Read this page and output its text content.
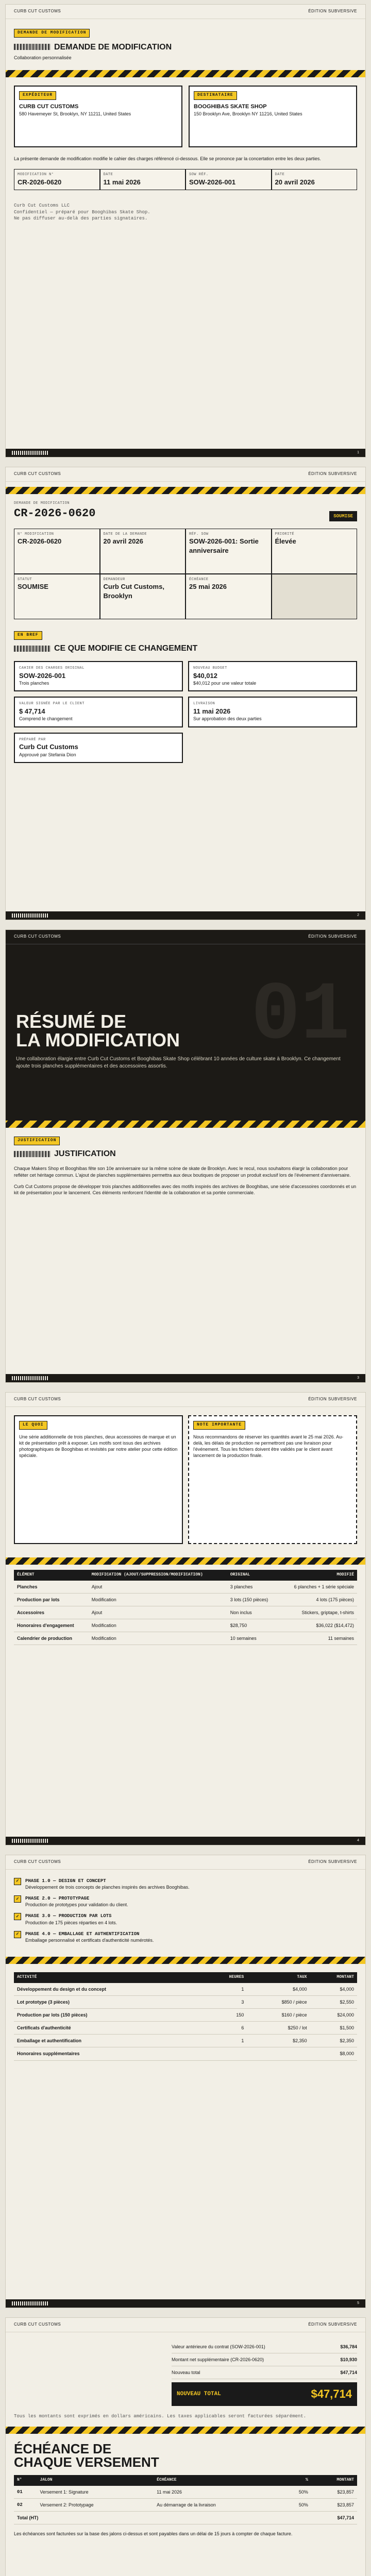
CURB CUT CUSTOMS	ÉDITION SUBVERSIVE
DEMANDE DE MODIFICATION
DEMANDE DE MODIFICATION
Collaboration personnalisée
EXPÉDITEUR
CURB CUT CUSTOMS
580 Havemeyer St, Brooklyn, NY 11211, United States
DESTINATAIRE
BOOGHIBAS SKATE SHOP
150 Brooklyn Ave, Brooklyn NY 11216, United States
La présente demande de modification modifie le cahier des charges référencé ci-dessous. Elle se prononce par la concertation entre les deux parties.
MODIFICATION N°
CR-2026-0620
DATE
11 mai 2026
SOW RÉF.
SOW-2026-001
DATE
20 avril 2026
Curb Cut Customs LLC
Confidentiel — préparé pour Booghibas Skate Shop.
Ne pas diffuser au-delà des parties signataires.
1
CURB CUT CUSTOMS	ÉDITION SUBVERSIVE
DEMANDE DE MODIFICATION
CR-2026-0620	SOUMISE
N° MODIFICATION
CR-2026-0620
DATE DE LA DEMANDE
20 avril 2026
RÉF. SOW
SOW-2026-001: Sortie anniversaire
PRIORITÉ
Élevée
STATUT
SOUMISE
DEMANDEUR
Curb Cut Customs, Brooklyn
ÉCHÉANCE
25 mai 2026
EN BREF
CE QUE MODIFIE CE CHANGEMENT
CAHIER DES CHARGES ORIGINAL
SOW-2026-001
Trois planches
NOUVEAU BUDGET
$40,012
$40,012 pour une valeur totale
VALEUR SIGNÉE PAR LE CLIENT
$ 47,714
Comprend le changement
LIVRAISON
11 mai 2026
Sur approbation des deux parties
PRÉPARÉ PAR
Curb Cut Customs
Approuvé par Stefania Dion
2
CURB CUT CUSTOMS	ÉDITION SUBVERSIVE
01
RÉSUMÉ DE
LA MODIFICATION
Une collaboration élargie entre Curb Cut Customs et Booghibas Skate Shop célébrant 10 années de culture skate à Brooklyn. Ce changement ajoute trois planches supplémentaires et des accessoires assortis.
JUSTIFICATION
JUSTIFICATION
Chaque Makers Shop et Booghibas fête son 10e anniversaire sur la même scène de skate de Brooklyn. Avec le recul, nous souhaitons élargir la collaboration pour refléter cet héritage commun. L'ajout de planches supplémentaires permettra aux deux boutiques de proposer un produit exclusif lors de l'événement d'anniversaire.
Curb Cut Customs propose de développer trois planches additionnelles avec des motifs inspirés des archives de Booghibas, une série d'accessoires coordonnés et un kit de présentation pour le lancement. Ces éléments renforcent l'identité de la collaboration et sa portée commerciale.
3
CURB CUT CUSTOMS	ÉDITION SUBVERSIVE
LE QUOI
Une série additionnelle de trois planches, deux accessoires de marque et un kit de présentation prêt à exposer. Les motifs sont issus des archives photographiques de Booghibas et revisités par notre atelier pour cette édition spéciale.
NOTE IMPORTANTE
Nous recommandons de réserver les quantités avant le 25 mai 2026. Au-delà, les délais de production ne permettront pas une livraison pour l'événement. Tous les fichiers doivent être validés par le client avant lancement de la production finale.
ÉLÉMENT	MODIFICATION (AJOUT/SUPPRESSION/MODIFICATION)	ORIGINAL	MODIFIÉ
Planches	Ajout	3 planches	6 planches + 1 série spéciale
Production par lots	Modification	3 lots (150 pièces)	4 lots (175 pièces)
Accessoires	Ajout	Non inclus	Stickers, griptape, t-shirts
Honoraires d'engagement	Modification	$28,750	$36,022 ($14,472)
Calendrier de production	Modification	10 semaines	11 semaines
4
CURB CUT CUSTOMS	ÉDITION SUBVERSIVE
✓	PHASE 1.0 — DESIGN ET CONCEPT
Développement de trois concepts de planches inspirés des archives Booghibas.
✓	PHASE 2.0 — PROTOTYPAGE
Production de prototypes pour validation du client.
✓	PHASE 3.0 — PRODUCTION PAR LOTS
Production de 175 pièces réparties en 4 lots.
✓	PHASE 4.0 — EMBALLAGE ET AUTHENTIFICATION
Emballage personnalisé et certificats d'authenticité numérotés.
ACTIVITÉ	HEURES	TAUX	MONTANT
Développement du design et du concept	1	$4,000	$4,000
Lot prototype (3 pièces)	3	$850 / pièce	$2,550
Production par lots (150 pièces)	150	$160 / pièce	$24,000
Certificats d'authenticité	6	$250 / lot	$1,500
Emballage et authentification	1	$2,350	$2,350
Honoraires supplémentaires			$8,000
5
CURB CUT CUSTOMS	ÉDITION SUBVERSIVE
Valeur antérieure du contrat (SOW-2026-001)	$36,784
Montant net supplémentaire (CR-2026-0620)	$10,930
Nouveau total	$47,714
NOUVEAU TOTAL	$47,714
Tous les montants sont exprimés en dollars américains. Les taxes applicables seront facturées séparément.
ÉCHÉANCE DE
CHAQUE VERSEMENT
N°	JALON	ÉCHÉANCE	%	MONTANT
01	Versement 1: Signature	11 mai 2026	50%	$23,857
02	Versement 2: Prototypage	Au démarrage de la livraison	50%	$23,857
Total (HT)				$47,714
Les échéances sont facturées sur la base des jalons ci-dessus et sont payables dans un délai de 15 jours à compter de chaque facture.
